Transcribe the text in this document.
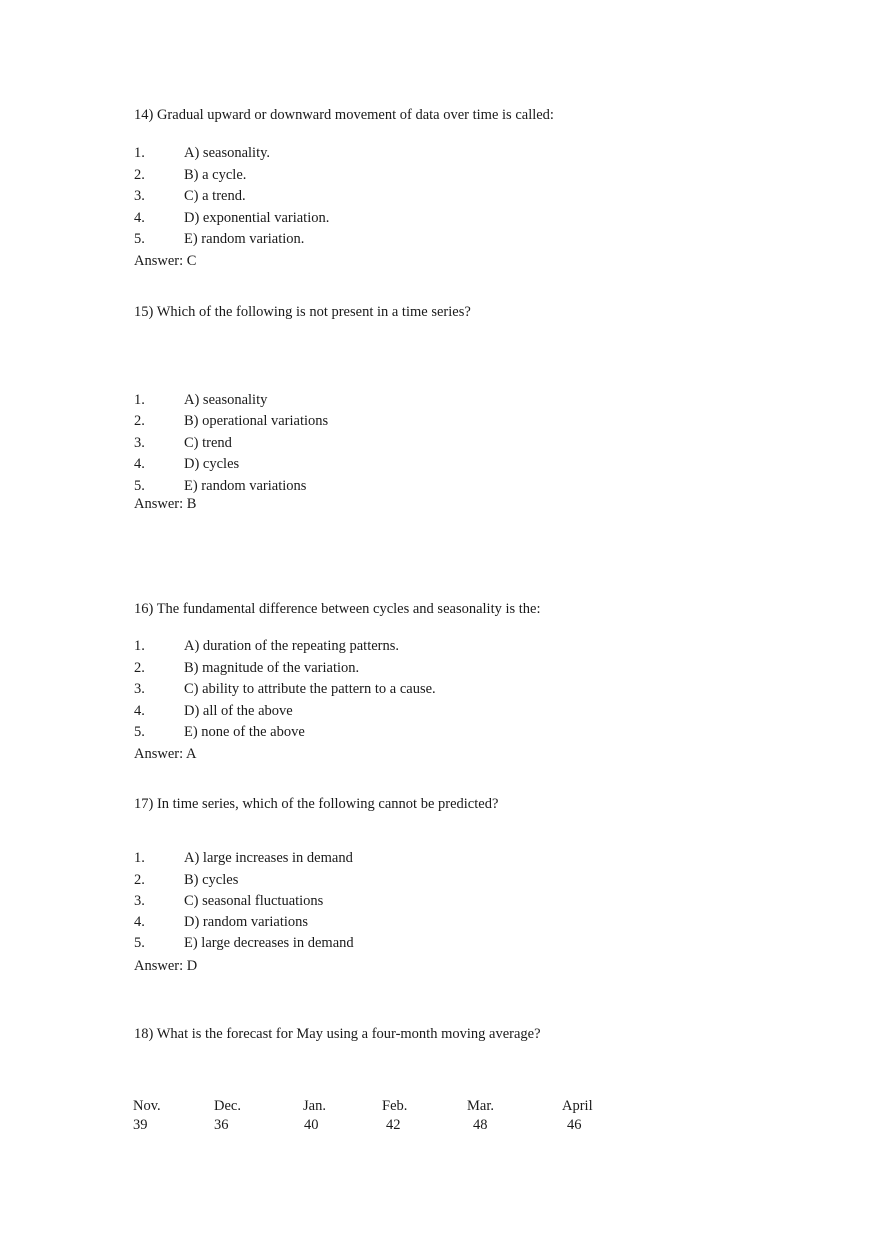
14) Gradual upward or downward movement of data over time is called:
1.	A) seasonality.
2.	B) a cycle.
3.	C) a trend.
4.	D) exponential variation.
5.	E) random variation.
Answer: C
15) Which of the following is not present in a time series?
1.	A) seasonality
2.	B) operational variations
3.	C) trend
4.	D) cycles
5.	E) random variations
Answer: B
16) The fundamental difference between cycles and seasonality is the:
1.	A) duration of the repeating patterns.
2.	B) magnitude of the variation.
3.	C) ability to attribute the pattern to a cause.
4.	D) all of the above
5.	E) none of the above
Answer: A
17) In time series, which of the following cannot be predicted?
1.	A) large increases in demand
2.	B) cycles
3.	C) seasonal fluctuations
4.	D) random variations
5.	E) large decreases in demand
Answer: D
18) What is the forecast for May using a four-month moving average?
Nov.	Dec.	Jan.	Feb.	Mar.	April
39	36	40	42	48	46
